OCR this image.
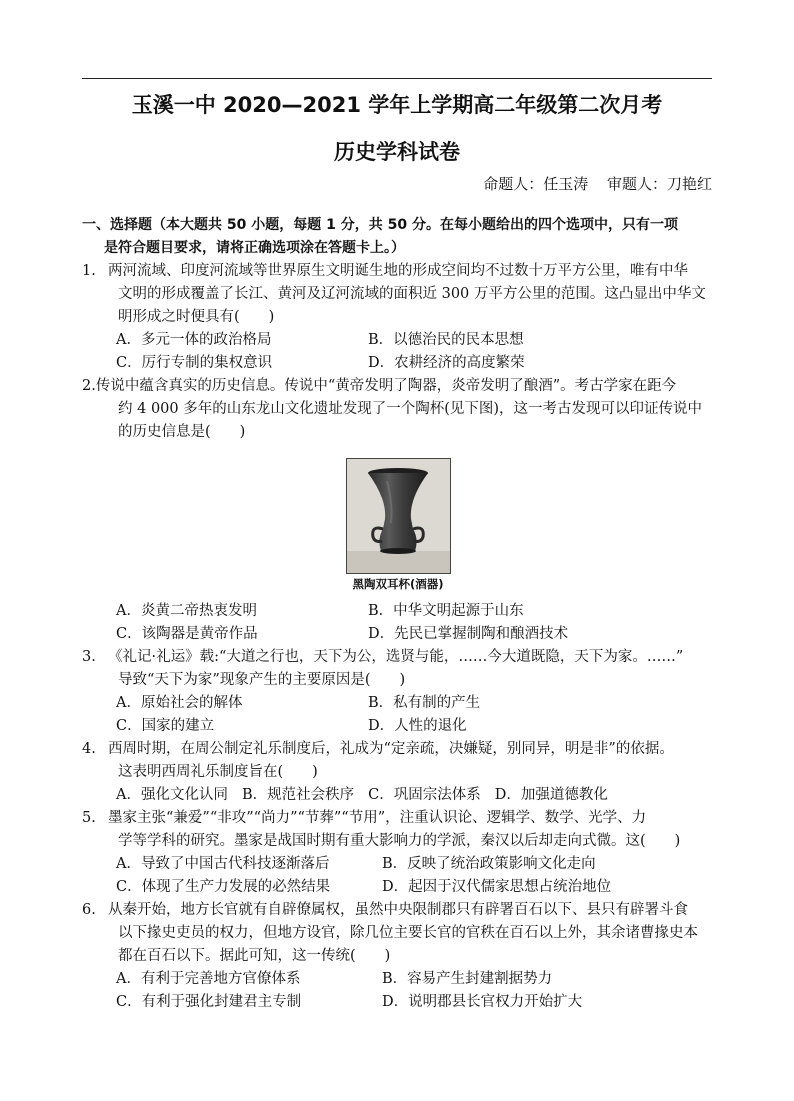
玉溪一中 2020—2021 学年上学期高二年级第二次月考
历史学科试卷
命题人：任玉涛 审题人：刀艳红
一、选择题（本大题共 50 小题，每题 1 分，共 50 分。在每小题给出的四个选项中，只有一项
是符合题目要求，请将正确选项涂在答题卡上。）
1. 两河流域、印度河流域等世界原生文明诞生地的形成空间均不过数十万平方公里，唯有中华
文明的形成覆盖了长江、黄河及辽河流域的面积近 300 万平方公里的范围。这凸显出中华文
明形成之时便具有(　　)
A．多元一体的政治格局	B．以德治民的民本思想
C．厉行专制的集权意识	D．农耕经济的高度繁荣
2.传说中蕴含真实的历史信息。传说中“黄帝发明了陶器，炎帝发明了酿酒”。考古学家在距今
约 4 000 多年的山东龙山文化遗址发现了一个陶杯(见下图)，这一考古发现可以印证传说中
的历史信息是(　　)
黑陶双耳杯(酒器)
A．炎黄二帝热衷发明	B．中华文明起源于山东
C．该陶器是黄帝作品	D．先民已掌握制陶和酿酒技术
3. 《礼记·礼运》载:“大道之行也，天下为公，选贤与能，……今大道既隐，天下为家。……”
导致“天下为家”现象产生的主要原因是(　　)
A．原始社会的解体	B．私有制的产生
C．国家的建立	D．人性的退化
4. 西周时期，在周公制定礼乐制度后，礼成为“定亲疏，决嫌疑，别同异，明是非”的依据。
这表明西周礼乐制度旨在(　　)
A．强化文化认同 B．规范社会秩序 C．巩固宗法体系 D．加强道德教化
5. 墨家主张“兼爱”“非攻”“尚力”“节葬”“节用”，注重认识论、逻辑学、数学、光学、力
学等学科的研究。墨家是战国时期有重大影响力的学派，秦汉以后却走向式微。这(　　)
A．导致了中国古代科技逐渐落后	B．反映了统治政策影响文化走向
C．体现了生产力发展的必然结果	D．起因于汉代儒家思想占统治地位
6. 从秦开始，地方长官就有自辟僚属权，虽然中央限制郡只有辟署百石以下、县只有辟署斗食
以下掾史吏员的权力，但地方设官，除几位主要长官的官秩在百石以上外，其余诸曹掾史本
都在百石以下。据此可知，这一传统(　　)
A．有利于完善地方官僚体系	B．容易产生封建割据势力
C．有利于强化封建君主专制	D．说明郡县长官权力开始扩大
